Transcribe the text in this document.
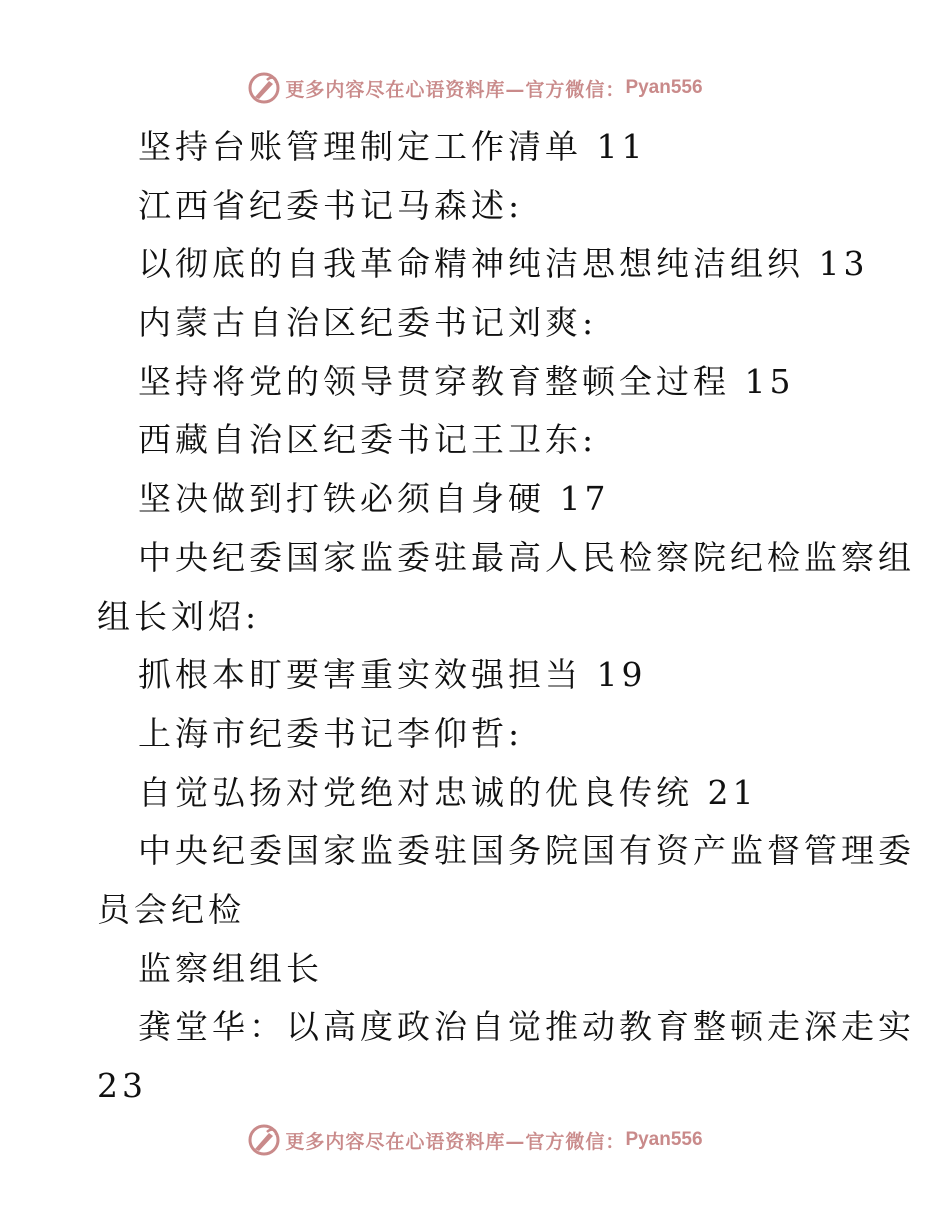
更多内容尽在心语资料库—官方微信： Pyan556
坚持台账管理制定工作清单 11
江西省纪委书记马森述:
以彻底的自我革命精神纯洁思想纯洁组织 13
内蒙古自治区纪委书记刘爽:
坚持将党的领导贯穿教育整顿全过程 15
西藏自治区纪委书记王卫东:
坚决做到打铁必须自身硬 17
中央纪委国家监委驻最高人民检察院纪检监察组
组长刘炤:
抓根本盯要害重实效强担当 19
上海市纪委书记李仰哲:
自觉弘扬对党绝对忠诚的优良传统 21
中央纪委国家监委驻国务院国有资产监督管理委
员会纪检
监察组组长
龚堂华：以高度政治自觉推动教育整顿走深走实
23
更多内容尽在心语资料库—官方微信： Pyan556
